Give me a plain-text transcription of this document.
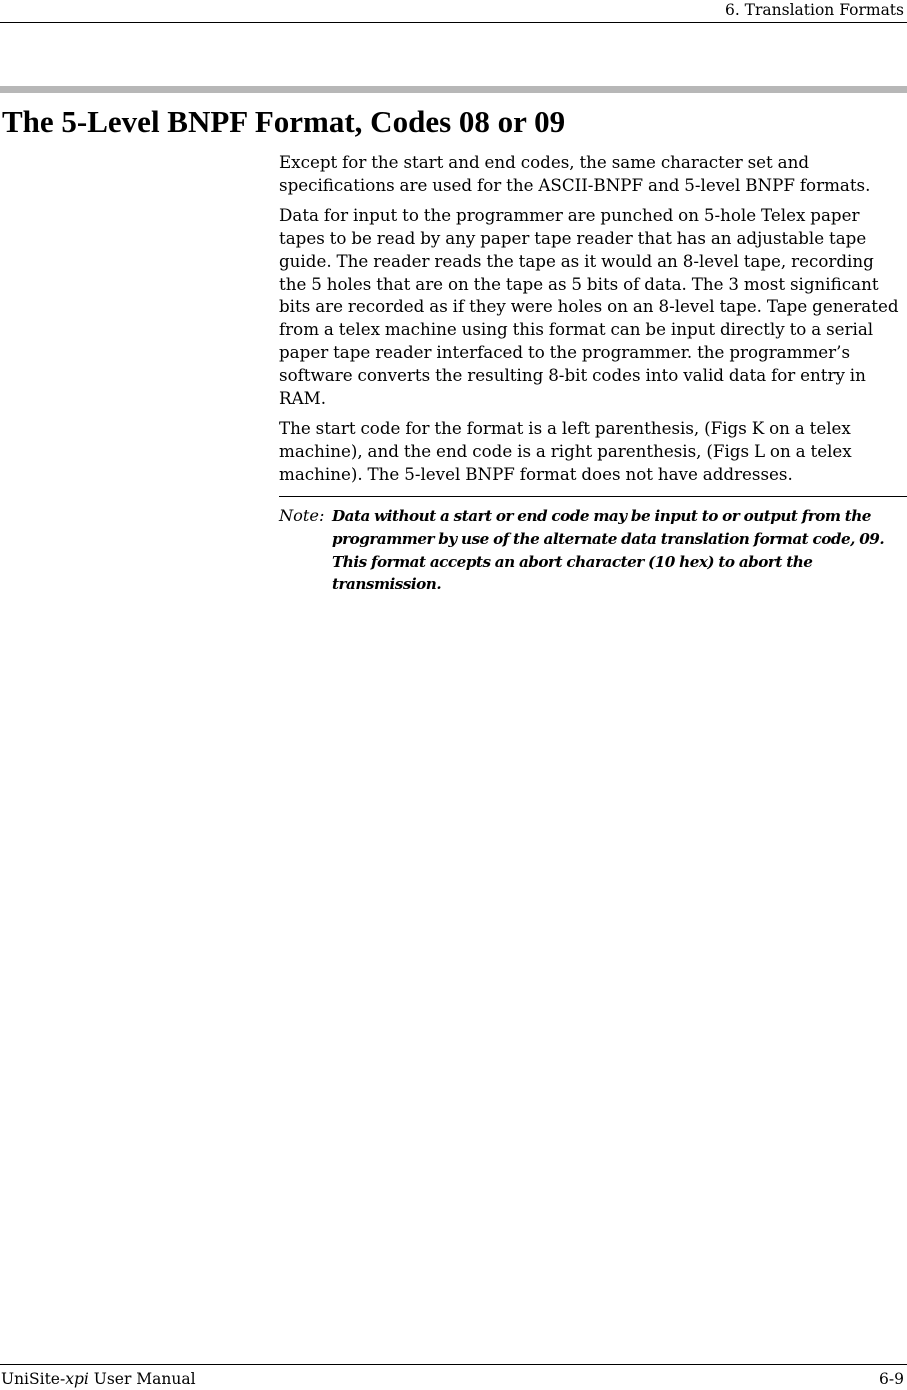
6. Translation Formats
The 5-Level BNPF Format, Codes 08 or 09

Except for the start and end codes, the same character set and specifications are used for the ASCII-BNPF and 5-level BNPF formats.

Data for input to the programmer are punched on 5-hole Telex paper tapes to be read by any paper tape reader that has an adjustable tape guide. The reader reads the tape as it would an 8-level tape, recording the 5 holes that are on the tape as 5 bits of data. The 3 most significant bits are recorded as if they were holes on an 8-level tape. Tape generated from a telex machine using this format can be input directly to a serial paper tape reader interfaced to the programmer. the programmer’s software converts the resulting 8-bit codes into valid data for entry in RAM.

The start code for the format is a left parenthesis, (Figs K on a telex machine), and the end code is a right parenthesis, (Figs L on a telex machine). The 5-level BNPF format does not have addresses.

Note: Data without a start or end code may be input to or output from the programmer by use of the alternate data translation format code, 09. This format accepts an abort character (10 hex) to abort the transmission.

UniSite-xpi User Manual	6-9
